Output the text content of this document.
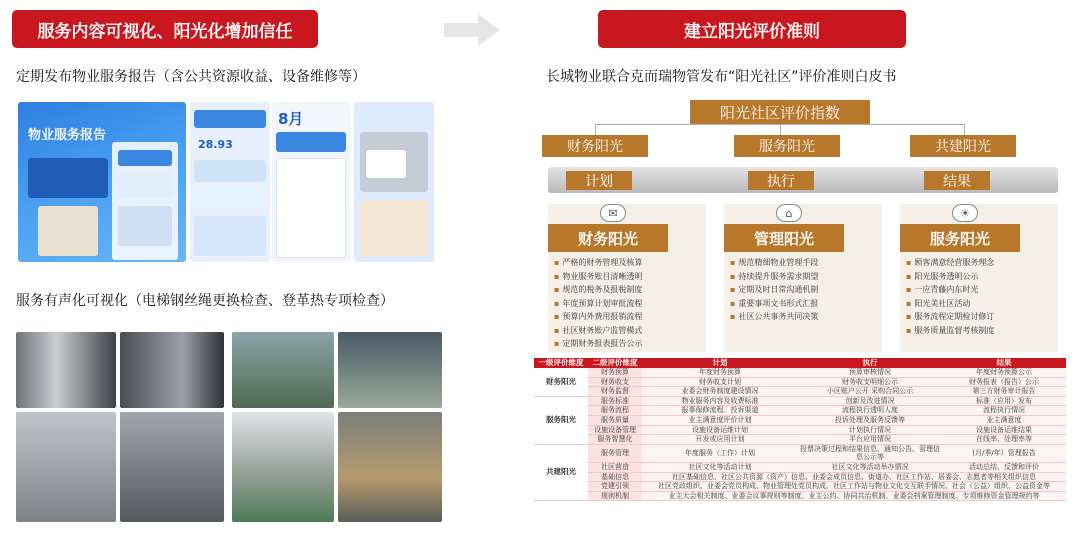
服务内容可视化、阳光化增加信任
定期发布物业服务报告（含公共资源收益、设备维修等）
物业服务报告
28.93
8月
服务有声化可视化（电梯钢丝绳更换检查、登革热专项检查）
建立阳光评价准则
长城物业联合克而瑞物管发布“阳光社区”评价准则白皮书
阳光社区评价指数
财务阳光	服务阳光	共建阳光
计划	执行	结果
✉
财务阳光
▪ 严格的财务管理及核算
▪ 物业服务账目清晰透明
▪ 规范的税务及报税制度
▪ 年度预算计划审批流程
▪ 预算内外费用报销流程
▪ 社区财务账户监管模式
▪ 定期财务报表报告公示
⌂
管理阳光
▪ 规范精细物业管理手段
▪ 持续提升服务需求期望
▪ 定期及时日常沟通机制
▪ 重要事项文书形式汇报
▪ 社区公共事务共同决策
☀
服务阳光
▪ 顾客满意经营服务理念
▪ 阳光服务透明公示
▪ 一应青藤内东时光
▪ 阳光美社区活动
▪ 服务流程定期检讨修订
▪ 服务质量监督考核制度
一级评价维度	二级评价维度	计划	执行	结果
财务阳光	财务预算	年度财务预算	预算审核情况	年度财务预算公示
	财务收支	财务收支计划	财务收支明细公示	财务报表（报告）公示
	财务监督	业委会财务制度建设情况	小区账户公开 采购合同公示	第三方财务审计报告
服务阳光	服务标准	物业服务内容及收费标准	创新及改进情况	标准（应用）发布
	服务流程	报事保修流程、投诉渠道	流程执行透明人度	流程执行情况
	服务质量	业主满意度评价计划	投诉处理及服务反馈等	业主满意度
	设施设备管理	设施设备运维计划	计划执行情况	设施设备运维结果
	服务智慧化	开发或应用计划	平台应用情况	在线率、处理率等
共建阳光	服务管理	年度服务（工作）计划	投票决策过程和结果信息、通知公告、管理信息公示等	(月/季/年）管理报告
	社区营造	社区文化等活动计划	社区文化等活动举办情况	活动总结、反馈和评价
	基础信息	社区基础信息、社区公共资源（资产）信息、业委会成员信息、街道办、社区工作站、居委会、志愿者等相关组织信息		
	党建引领	社区党政组织、业委会党员构成、物业管理处党员构成、社区工作站与物业文化交互联手情况、社会（公益）组织、公益资金等		
	规则机制	业主大会相关制度、业委会议事规则等制度、业主公约、协同共治机制、业委会档案管理制度、专项维修资金管理规约等		
